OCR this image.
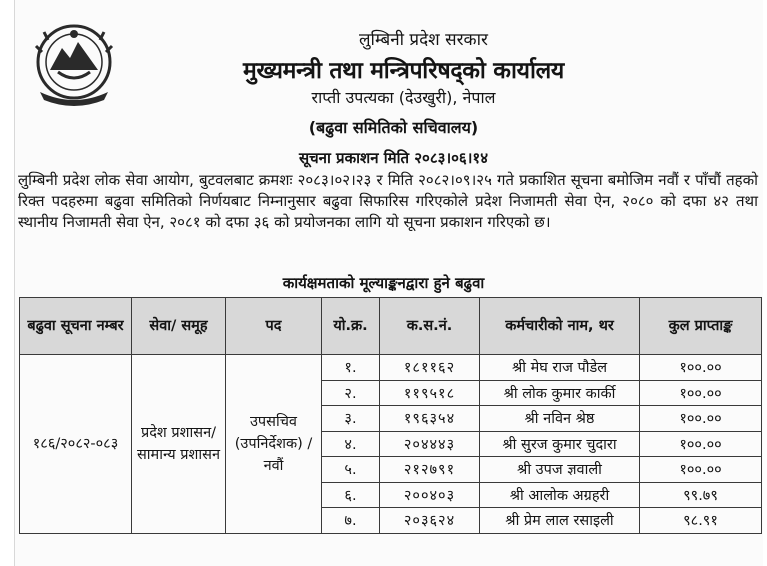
लुम्बिनी प्रदेश सरकार
मुख्यमन्त्री तथा मन्त्रिपरिषद्को कार्यालय
राप्ती उपत्यका (देउखुरी), नेपाल
(बढुवा समितिको सचिवालय)
सूचना प्रकाशन मिति २०८३।०६।१४
लुम्बिनी प्रदेश लोक सेवा आयोग, बुटवलबाट क्रमशः २०८३।०२।२३ र मिति २०८२।०९।२५ गते प्रकाशित सूचना बमोजिम नवौं र पाँचौं तहको रिक्त पदहरुमा बढुवा समितिको निर्णयबाट निम्नानुसार बढुवा सिफारिस गरिएकोले प्रदेश निजामती सेवा ऐन, २०८० को दफा ४२ तथा स्थानीय निजामती सेवा ऐन, २०८१ को दफा ३६ को प्रयोजनका लागि यो सूचना प्रकाशन गरिएको छ।
कार्यक्षमताको मूल्याङ्कनद्वारा हुने बढुवा
बढुवा सूचना नम्बर	सेवा/ समूह	पद	यो.क्र.	क.स.नं.	कर्मचारीको नाम, थर	कुल प्राप्ताङ्क
१८६/२०८२-०८३	प्रदेश प्रशासन/ सामान्य प्रशासन	उपसचिव (उपनिर्देशक) /नवौं	१.	१८११६२	श्री मेघ राज पौडेल	१००.००
			२.	११९५१८	श्री लोक कुमार कार्की	१००.००
			३.	१९६३५४	श्री नविन श्रेष्ठ	१००.००
			४.	२०४४४३	श्री सुरज कुमार चुदारा	१००.००
			५.	२१२७९१	श्री उपज ज्ञवाली	१००.००
			६.	२००४०३	श्री आलोक अग्रहरी	९९.७९
			७.	२०३६२४	श्री प्रेम लाल रसाइली	९८.९१
